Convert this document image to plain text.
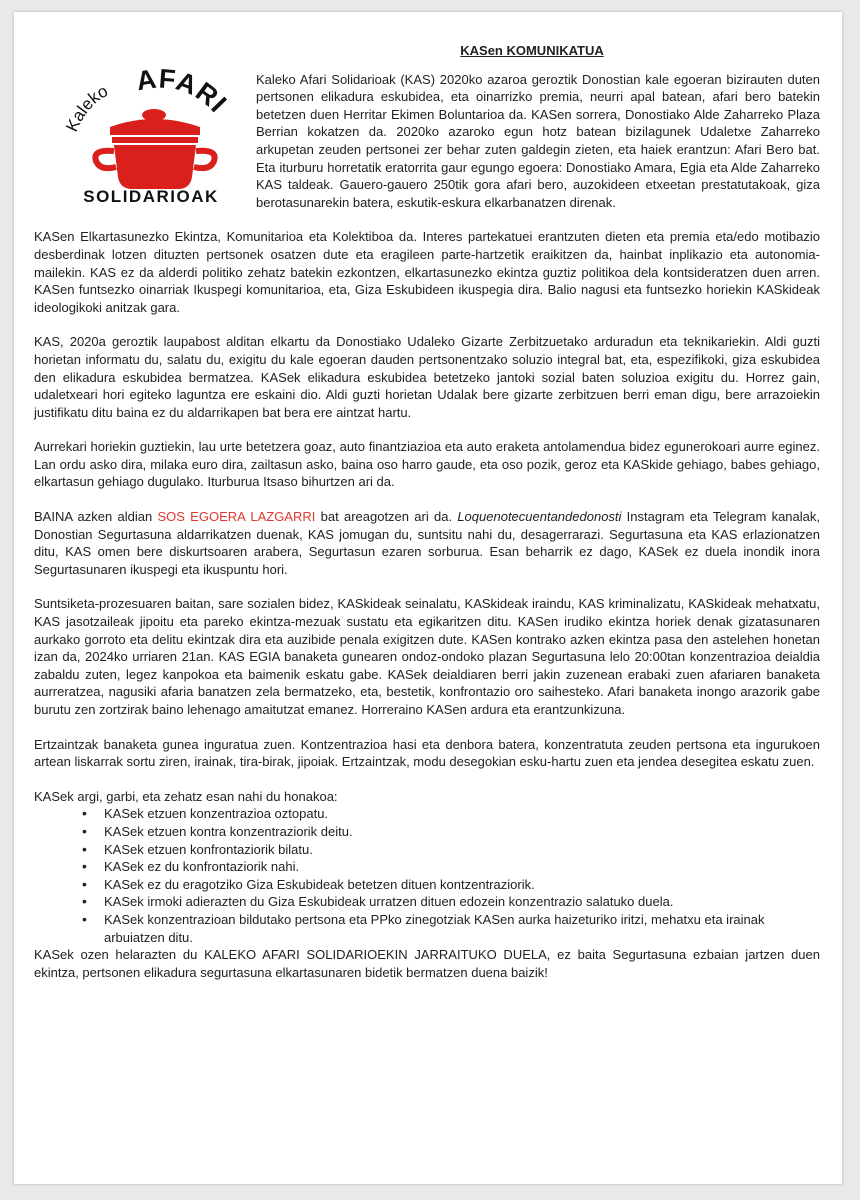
KASen KOMUNIKATUA
Kaleko AFARI
SOLIDARIOAK

Kaleko Afari Solidarioak (KAS) 2020ko azaroa geroztik Donostian kale egoeran bizirauten duten pertsonen elikadura eskubidea, eta oinarrizko premia, neurri apal batean, afari bero batekin betetzen duen Herritar Ekimen Boluntarioa da. KASen sorrera, Donostiako Alde Zaharreko Plaza Berrian kokatzen da. 2020ko azaroko egun hotz batean bizilagunek Udaletxe Zaharreko arkupetan zeuden pertsonei zer behar zuten galdegin zieten, eta haiek erantzun: Afari Bero bat. Eta iturburu horretatik eratorrita gaur egungo egoera: Donostiako Amara, Egia eta Alde Zaharreko KAS taldeak. Gauero-gauero 250tik gora afari bero, auzokideen etxeetan prestatutakoak, giza berotasunarekin batera, eskutik-eskura elkarbanatzen direnak.

KASen Elkartasunezko Ekintza, Komunitarioa eta Kolektiboa da. Interes partekatuei erantzuten dieten eta premia eta/edo motibazio desberdinak lotzen dituzten pertsonek osatzen dute eta eragileen parte-hartzetik eraikitzen da, hainbat inplikazio eta autonomia-mailekin. KAS ez da alderdi politiko zehatz batekin ezkontzen, elkartasunezko ekintza guztiz politikoa dela kontsideratzen duen arren. KASen funtsezko oinarriak Ikuspegi komunitarioa, eta, Giza Eskubideen ikuspegia dira. Balio nagusi eta funtsezko horiekin KASkideak ideologikoki anitzak gara.

KAS, 2020a geroztik laupabost alditan elkartu da Donostiako Udaleko Gizarte Zerbitzuetako arduradun eta teknikariekin. Aldi guzti horietan informatu du, salatu du, exigitu du kale egoeran dauden pertsonentzako soluzio integral bat, eta, espezifikoki, giza eskubidea den elikadura eskubidea bermatzea. KASek elikadura eskubidea betetzeko jantoki sozial baten soluzioa exigitu du. Horrez gain, udaletxeari hori egiteko laguntza ere eskaini dio. Aldi guzti horietan Udalak bere gizarte zerbitzuen berri eman digu, bere arrazoiekin justifikatu ditu baina ez du aldarrikapen bat bera ere aintzat hartu.

Aurrekari horiekin guztiekin, lau urte betetzera goaz, auto finantziazioa eta auto eraketa antolamendua bidez egunerokoari aurre eginez. Lan ordu asko dira, milaka euro dira, zailtasun asko, baina oso harro gaude, eta oso pozik, geroz eta KASkide gehiago, babes gehiago, elkartasun gehiago dugulako. Iturburua Itsaso bihurtzen ari da.

BAINA azken aldian SOS EGOERA LAZGARRI bat areagotzen ari da. Loquenotecuentandedonosti Instagram eta Telegram kanalak, Donostian Segurtasuna aldarrikatzen duenak, KAS jomugan du, suntsitu nahi du, desagerrarazi. Segurtasuna eta KAS erlazionatzen ditu, KAS omen bere diskurtsoaren arabera, Segurtasun ezaren sorburua. Esan beharrik ez dago, KASek ez duela inondik inora Segurtasunaren ikuspegi eta ikuspuntu hori.

Suntsiketa-prozesuaren baitan, sare sozialen bidez, KASkideak seinalatu, KASkideak iraindu, KAS kriminalizatu, KASkideak mehatxatu, KAS jasotzaileak jipoitu eta pareko ekintza-mezuak sustatu eta egikaritzen ditu. KASen irudiko ekintza horiek denak gizatasunaren aurkako gorroto eta delitu ekintzak dira eta auzibide penala exigitzen dute. KASen kontrako azken ekintza pasa den astelehen honetan izan da, 2024ko urriaren 21an. KAS EGIA banaketa gunearen ondoz-ondoko plazan Segurtasuna lelo 20:00tan konzentrazioa deialdia zabaldu zuten, legez kanpokoa eta baimenik eskatu gabe. KASek deialdiaren berri jakin zuzenean erabaki zuen afariaren banaketa aurreratzea, nagusiki afaria banatzen zela bermatzeko, eta, bestetik, konfrontazio oro saihesteko. Afari banaketa inongo arazorik gabe burutu zen zortzirak baino lehenago amaitutzat emanez. Horreraino KASen ardura eta erantzunkizuna.

Ertzaintzak banaketa gunea inguratua zuen. Kontzentrazioa hasi eta denbora batera, konzentratuta zeuden pertsona eta ingurukoen artean liskarrak sortu ziren, irainak, tira-birak, jipoiak. Ertzaintzak, modu desegokian esku-hartu zuen eta jendea desegitea eskatu zuen.

KASek argi, garbi, eta zehatz esan nahi du honakoa:
• KASek etzuen konzentrazioa oztopatu.
• KASek etzuen kontra konzentraziorik deitu.
• KASek etzuen konfrontaziorik bilatu.
• KASek ez du konfrontaziorik nahi.
• KASek ez du eragotziko Giza Eskubideak betetzen dituen kontzentraziorik.
• KASek irmoki adierazten du Giza Eskubideak urratzen dituen edozein konzentrazio salatuko duela.
• KASek konzentrazioan bildutako pertsona eta PPko zinegotziak KASen aurka haizeturiko iritzi, mehatxu eta irainak arbuiatzen ditu.

KASek ozen helarazten du KALEKO AFARI SOLIDARIOEKIN JARRAITUKO DUELA, ez baita Segurtasuna ezbaian jartzen duen ekintza, pertsonen elikadura segurtasuna elkartasunaren bidetik bermatzen duena baizik!
